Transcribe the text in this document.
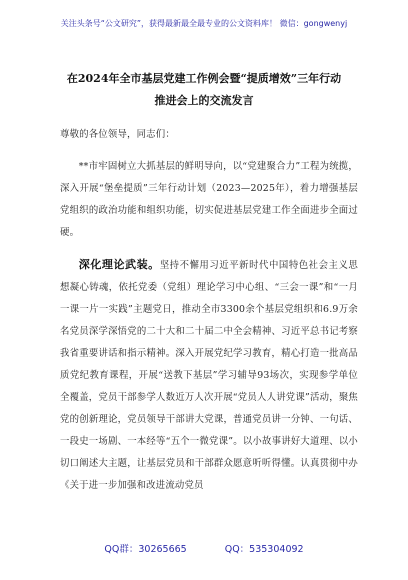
关注头条号“公文研究”，获得最新最全最专业的公文资料库！ 微信：gongwenyj
在2024年全市基层党建工作例会暨“提质增效”三年行动
推进会上的交流发言

尊敬的各位领导，同志们：

**市牢固树立大抓基层的鲜明导向，以“党建聚合力”工程为统揽，深入开展“堡垒提质”三年行动计划（2023—2025年），着力增强基层党组织的政治功能和组织功能，切实促进基层党建工作全面进步全面过硬。

深化理论武装。坚持不懈用习近平新时代中国特色社会主义思想凝心铸魂，依托党委（党组）理论学习中心组、“三会一课”和“一月一课一片一实践”主题党日，推动全市3300余个基层党组织和6.9万余名党员深学深悟党的二十大和二十届二中全会精神、习近平总书记考察我省重要讲话和指示精神。深入开展党纪学习教育，精心打造一批高品质党纪教育课程，开展“送教下基层”学习辅导93场次，实现参学单位全覆盖，党员干部参学人数近万人次开展“党员人人讲党课”活动，聚焦党的创新理论，党员领导干部讲大党课，普通党员讲一分钟、一句话、一段史一场剧、一本经等“五个一微党课”。以小故事讲好大道理、以小切口阐述大主题，让基层党员和干部群众愿意听听得懂。认真贯彻中办《关于进一步加强和改进流动党员

QQ群：30265665	QQ：535304092
